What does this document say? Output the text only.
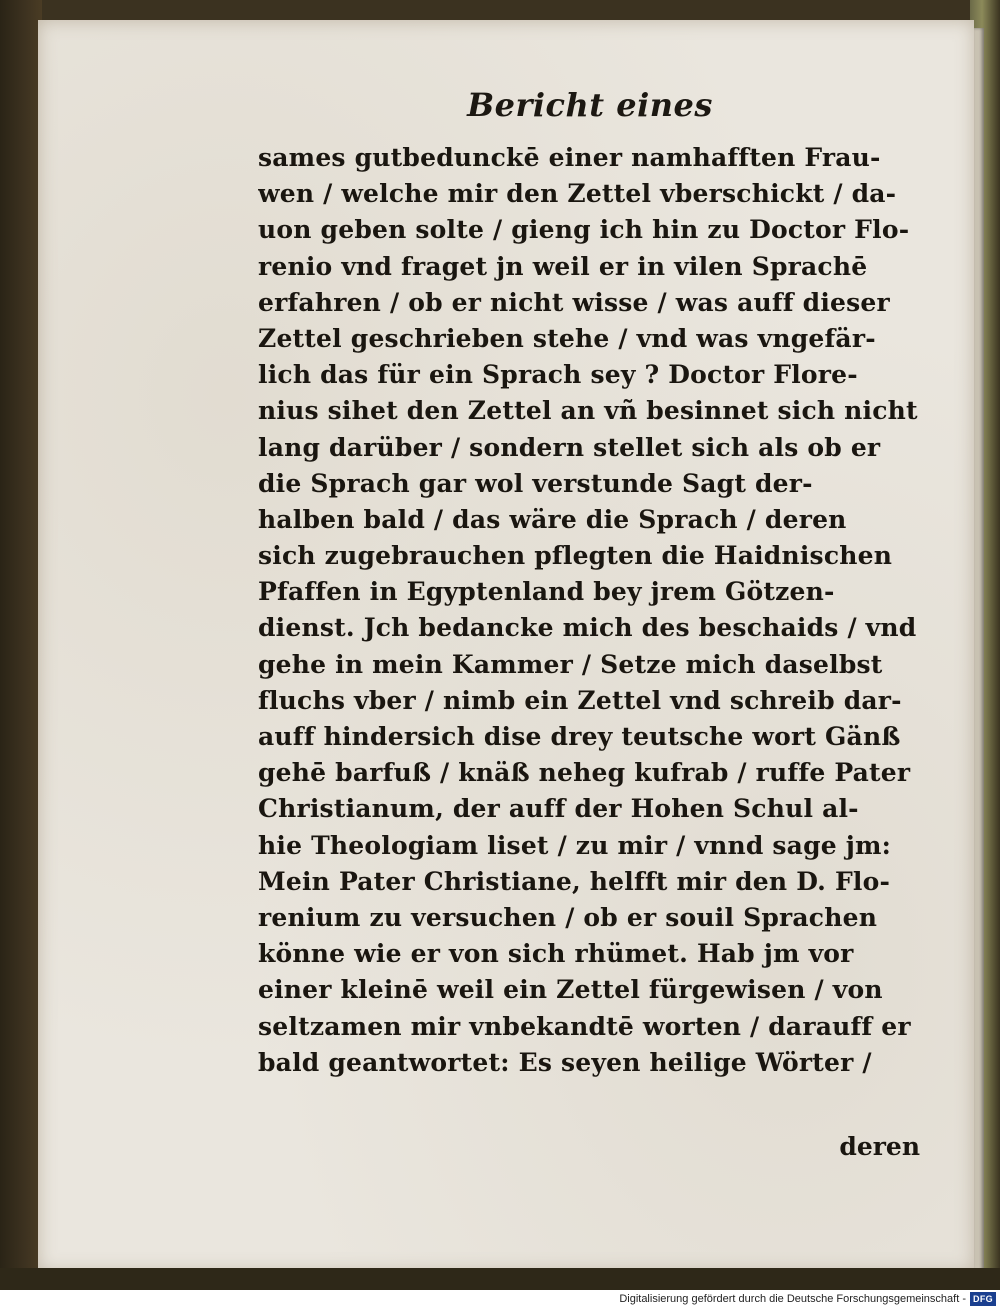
Bericht eines
sames gutbedunckē einer namhafften Frau-
wen / welche mir den Zettel vberschickt / da-
uon geben solte / gieng ich hin zu Doctor Flo-
renio vnd fraget jn weil er in vilen Sprachē
erfahren / ob er nicht wisse / was auff dieser
Zettel geschrieben stehe / vnd was vngefär-
lich das für ein Sprach sey ? Doctor Flore-
nius sihet den Zettel an vñ besinnet sich nicht
lang darüber / sondern stellet sich als ob er
die Sprach gar wol verstunde Sagt der-
halben bald / das wäre die Sprach / deren
sich zugebrauchen pflegten die Haidnischen
Pfaffen in Egyptenland bey jrem Götzen-
dienst. Jch bedancke mich des beschaids / vnd
gehe in mein Kammer / Setze mich daselbst
fluchs vber / nimb ein Zettel vnd schreib dar-
auff hindersich dise drey teutsche wort Gänß
gehē barfuß / knäß neheg kufrab / ruffe Pater
Christianum, der auff der Hohen Schul al-
hie Theologiam liset / zu mir / vnnd sage jm:
Mein Pater Christiane, helfft mir den D. Flo-
renium zu versuchen / ob er souil Sprachen
könne wie er von sich rhümet. Hab jm vor
einer kleinē weil ein Zettel fürgewisen / von
seltzamen mir vnbekandtē worten / darauff er
bald geantwortet: Es seyen heilige Wörter /
deren
Digitalisierung gefördert durch die Deutsche Forschungsgemeinschaft - DFG
